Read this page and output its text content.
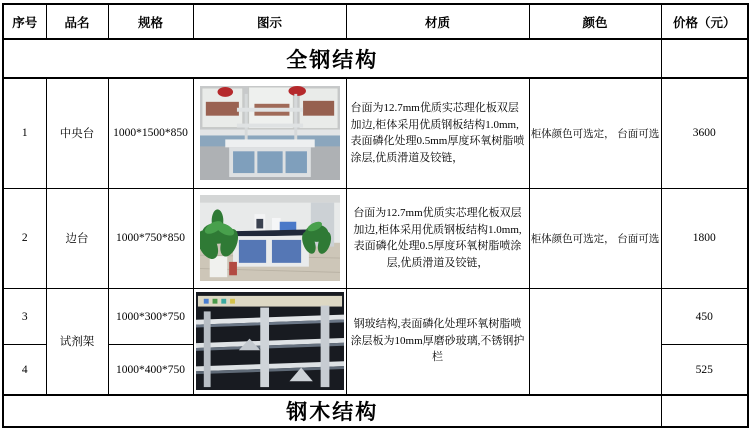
序号	品名	规格	图示	材质	颜色	价格（元）
全钢结构						
1	中央台	1000*1500*850		台面为12.7mm优质实芯理化板双层加边,柜体采用优质钢板结构1.0mm,表面磷化处理0.5mm厚度环氧树脂喷涂层,优质滑道及铰链，	柜体颜色可选定， 台面可选	3600
2	边台	1000*750*850		台面为12.7mm优质实芯理化板双层加边,柜体采用优质钢板结构1.0mm,表面磷化处理0.5厚度环氧树脂喷涂层,优质滑道及铰链，	柜体颜色可选定， 台面可选	1800
3	试剂架	1000*300*750		钢玻结构,表面磷化处理环氧树脂喷涂层板为10mm厚磨砂玻璃,不锈钢护栏		450
4		1000*400*750				525
钢木结构						
